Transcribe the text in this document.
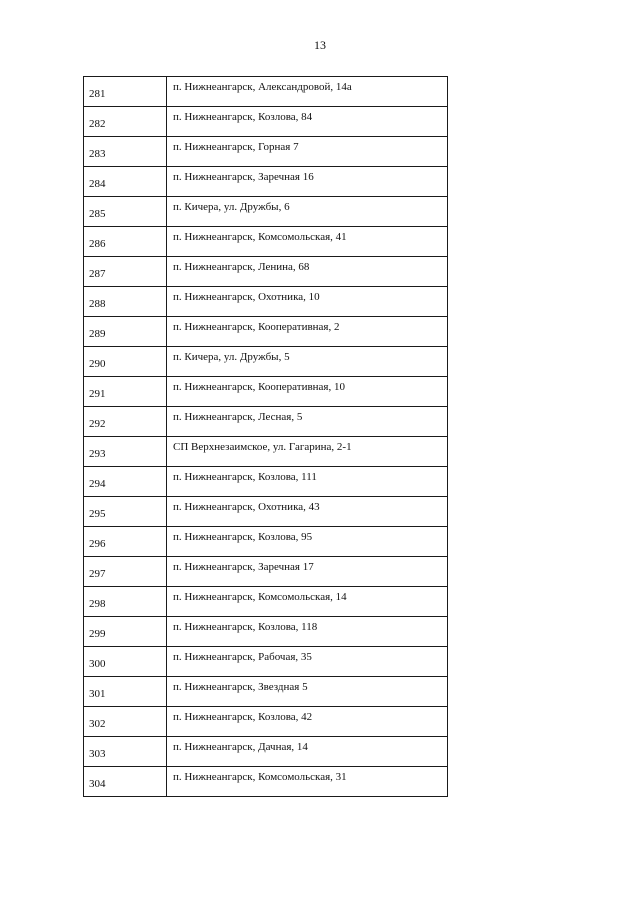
13
281	п. Нижнеангарск, Александровой, 14а
282	п. Нижнеангарск, Козлова, 84
283	п. Нижнеангарск, Горная 7
284	п. Нижнеангарск, Заречная 16
285	п. Кичера, ул. Дружбы, 6
286	п. Нижнеангарск, Комсомольская, 41
287	п. Нижнеангарск, Ленина, 68
288	п. Нижнеангарск, Охотника, 10
289	п. Нижнеангарск, Кооперативная, 2
290	п. Кичера, ул. Дружбы, 5
291	п. Нижнеангарск, Кооперативная, 10
292	п. Нижнеангарск, Лесная, 5
293	СП Верхнезаимское, ул. Гагарина, 2-1
294	п. Нижнеангарск, Козлова, 111
295	п. Нижнеангарск, Охотника, 43
296	п. Нижнеангарск, Козлова, 95
297	п. Нижнеангарск, Заречная 17
298	п. Нижнеангарск, Комсомольская, 14
299	п. Нижнеангарск, Козлова, 118
300	п. Нижнеангарск, Рабочая, 35
301	п. Нижнеангарск, Звездная 5
302	п. Нижнеангарск, Козлова, 42
303	п. Нижнеангарск, Дачная, 14
304	п. Нижнеангарск, Комсомольская, 31
